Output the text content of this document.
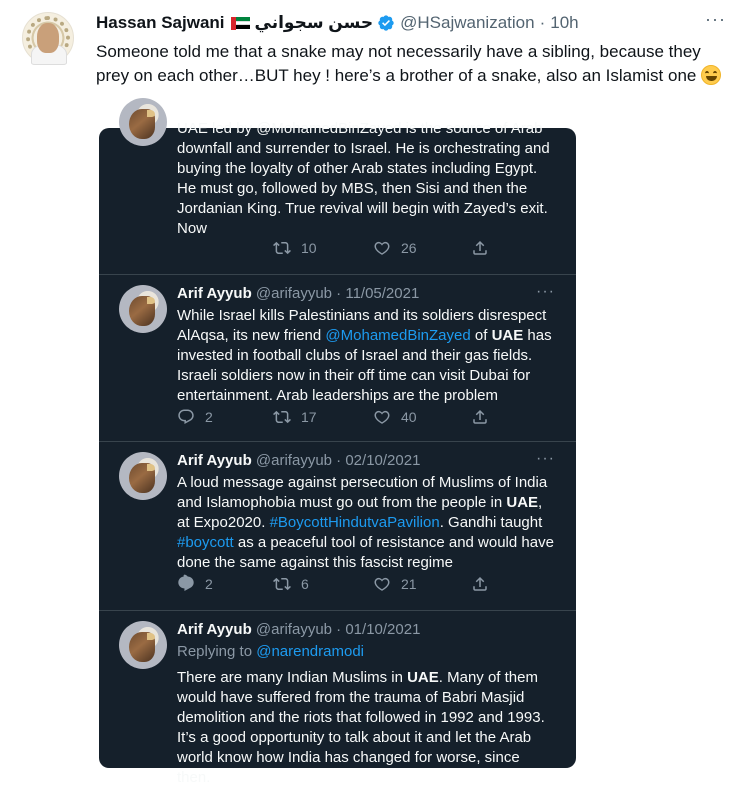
Hassan Sajwani حسن سجواني @HSajwanization · 10h	···
Someone told me that a snake may not necessarily have a sibling, because they prey on each other…BUT hey ! here’s a brother of a snake, also an Islamist one
UAE led by @MohamedBinZayed is the source of Arab
downfall and surrender to Israel. He is orchestrating and buying the loyalty of other Arab states including Egypt. He must go, followed by MBS, then Sisi and then the Jordanian King. True revival will begin with Zayed’s exit. Now
10	26
Arif Ayyub @arifayyub · 11/05/2021	···
While Israel kills Palestinians and its soldiers disrespect AlAqsa, its new friend @MohamedBinZayed of UAE has invested in football clubs of Israel and their gas fields. Israeli soldiers now in their off time can visit Dubai for entertainment. Arab leaderships are the problem
2	17	40
Arif Ayyub @arifayyub · 02/10/2021	···
A loud message against persecution of Muslims of India and Islamophobia must go out from the people in UAE, at Expo2020. #BoycottHindutvaPavilion. Gandhi taught #boycott as a peaceful tool of resistance and would have done the same against this fascist regime
2	6	21
Arif Ayyub @arifayyub · 01/10/2021
Replying to @narendramodi
There are many Indian Muslims in UAE. Many of them would have suffered from the trauma of Babri Masjid demolition and the riots that followed in 1992 and 1993. It’s a good opportunity to talk about it and let the Arab world know how India has changed for worse, since then.
